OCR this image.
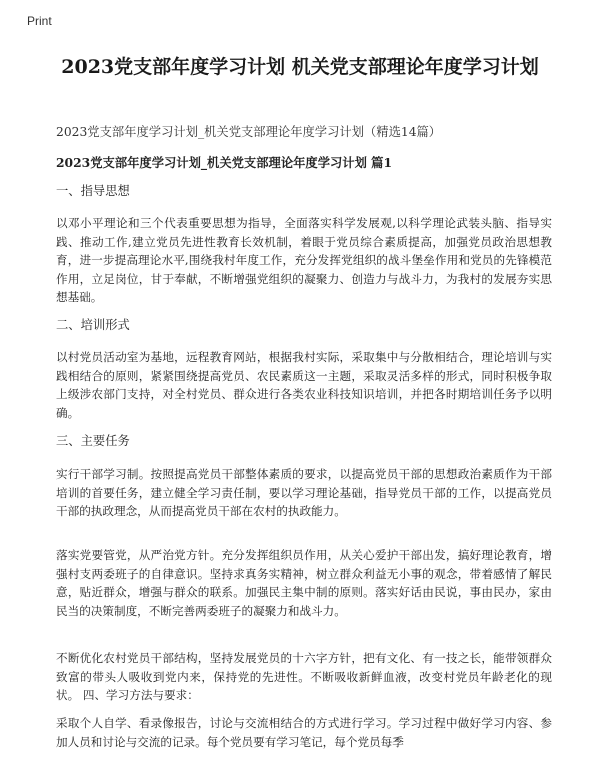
Print
2023党支部年度学习计划 机关党支部理论年度学习计划
2023党支部年度学习计划_机关党支部理论年度学习计划（精选14篇）
2023党支部年度学习计划_机关党支部理论年度学习计划 篇1
一、指导思想
以邓小平理论和三个代表重要思想为指导，全面落实科学发展观,以科学理论武装头脑、指导实践、推动工作,建立党员先进性教育长效机制，着眼于党员综合素质提高，加强党员政治思想教育，进一步提高理论水平,围绕我村年度工作，充分发挥党组织的战斗堡垒作用和党员的先锋模范作用，立足岗位，甘于奉献，不断增强党组织的凝聚力、创造力与战斗力，为我村的发展夯实思想基础。
二、培训形式
以村党员活动室为基地，远程教育网站，根据我村实际，采取集中与分散相结合，理论培训与实践相结合的原则，紧紧围绕提高党员、农民素质这一主题，采取灵活多样的形式，同时积极争取上级涉农部门支持，对全村党员、群众进行各类农业科技知识培训，并把各时期培训任务予以明确。
三、主要任务
实行干部学习制。按照提高党员干部整体素质的要求，以提高党员干部的思想政治素质作为干部培训的首要任务，建立健全学习责任制，要以学习理论基础，指导党员干部的工作，以提高党员干部的执政理念，从而提高党员干部在农村的执政能力。
落实党要管党，从严治党方针。充分发挥组织员作用，从关心爱护干部出发，搞好理论教育，增强村支两委班子的自律意识。坚持求真务实精神，树立群众利益无小事的观念，带着感情了解民意，贴近群众，增强与群众的联系。加强民主集中制的原则。落实好话由民说，事由民办，家由民当的决策制度，不断完善两委班子的凝聚力和战斗力。
不断优化农村党员干部结构，坚持发展党员的十六字方针，把有文化、有一技之长，能带领群众致富的带头人吸收到党内来，保持党的先进性。不断吸收新鲜血液，改变村党员年龄老化的现状。 四、学习方法与要求：
采取个人自学、看录像报告，讨论与交流相结合的方式进行学习。学习过程中做好学习内容、参加人员和讨论与交流的记录。每个党员要有学习笔记，每个党员每季
